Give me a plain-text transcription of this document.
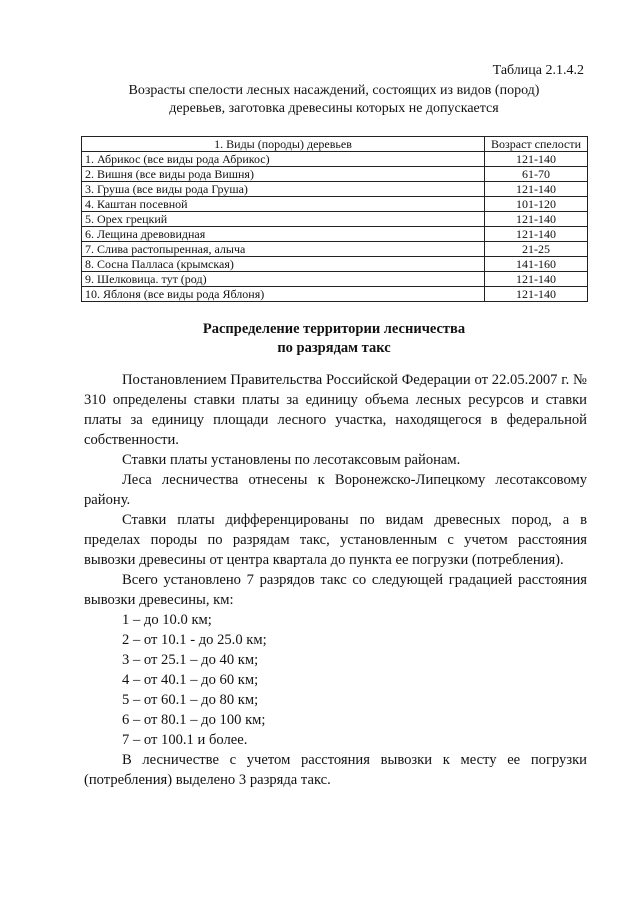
Таблица 2.1.4.2
Возрасты спелости лесных насаждений, состоящих из видов (пород)
деревьев, заготовка древесины которых не допускается
1. Виды (породы) деревьев	Возраст спелости
1. Абрикос (все виды рода Абрикос)	121-140
2. Вишня (все виды рода Вишня)	61-70
3. Груша (все виды рода Груша)	121-140
4. Каштан посевной	101-120
5. Орех грецкий	121-140
6. Лещина древовидная	121-140
7. Слива растопыренная, алыча	21-25
8. Сосна Палласа (крымская)	141-160
9. Шелковица. тут (род)	121-140
10. Яблоня (все виды рода Яблоня)	121-140
Распределение территории лесничества
по разрядам такс

Постановлением Правительства Российской Федерации от 22.05.2007 г. № 310 определены ставки платы за единицу объема лесных ресурсов и ставки платы за единицу площади лесного участка, находящегося в федеральной собственности.

Ставки платы установлены по лесотаксовым районам.

Леса лесничества отнесены к Воронежско-Липецкому лесотаксовому району.

Ставки платы дифференцированы по видам древесных пород, а в пределах породы по разрядам такс, установленным с учетом расстояния вывозки древесины от центра квартала до пункта ее погрузки (потребления).

Всего установлено 7 разрядов такс со следующей градацией расстояния вывозки древесины, км:

1 – до 10.0 км;

2 – от 10.1 - до 25.0 км;

3 – от 25.1 – до 40 км;

4 – от 40.1 – до 60 км;

5 – от 60.1 – до 80 км;

6 – от 80.1 – до 100 км;

7 – от 100.1 и более.

В лесничестве с учетом расстояния вывозки к месту ее погрузки (потребления) выделено 3 разряда такс.
